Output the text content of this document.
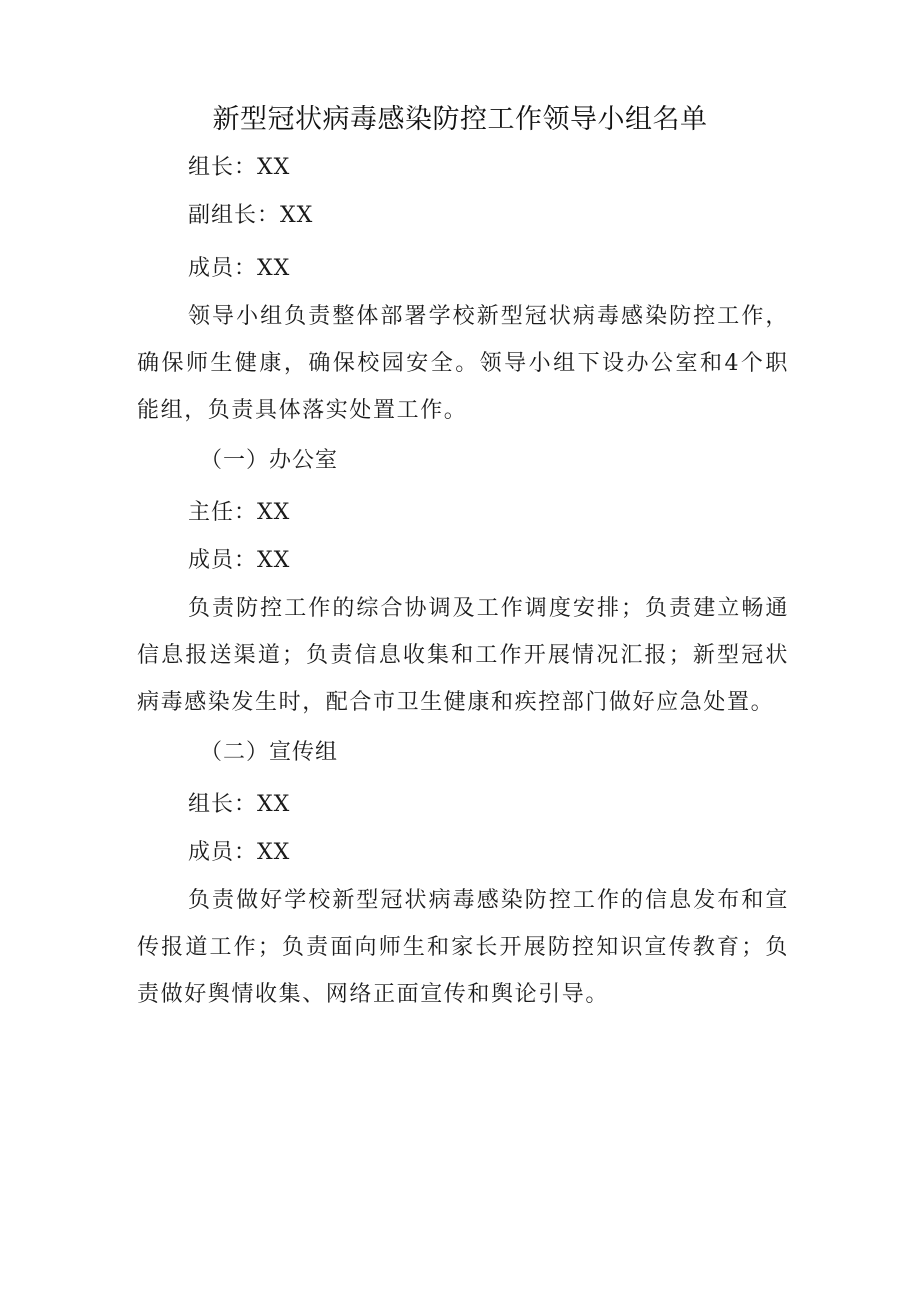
新型冠状病毒感染防控工作领导小组名单
组长：XX
副组长：XX
成员：XX
领导小组负责整体部署学校新型冠状病毒感染防控工作，确保师生健康，确保校园安全。领导小组下设办公室和4个职能组，负责具体落实处置工作。
（一）办公室
主任：XX
成员：XX
负责防控工作的综合协调及工作调度安排；负责建立畅通信息报送渠道；负责信息收集和工作开展情况汇报；新型冠状病毒感染发生时，配合市卫生健康和疾控部门做好应急处置。
（二）宣传组
组长：XX
成员：XX
负责做好学校新型冠状病毒感染防控工作的信息发布和宣传报道工作；负责面向师生和家长开展防控知识宣传教育；负责做好舆情收集、网络正面宣传和舆论引导。
